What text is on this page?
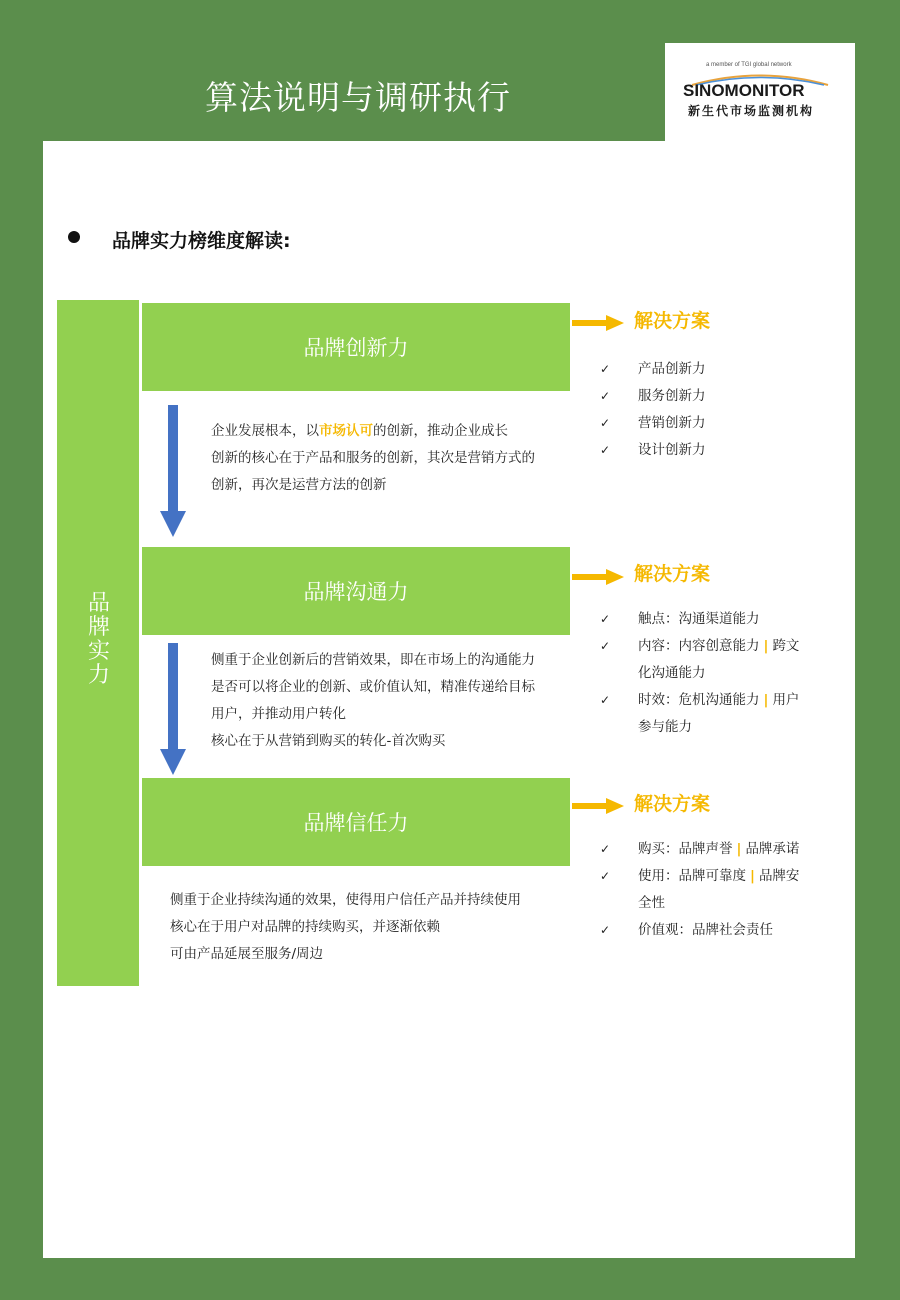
算法说明与调研执行
a member of TGI global network
SINOMONITOR
新生代市场监测机构
品牌实力榜维度解读:
品牌实力
品牌创新力
企业发展根本，以市场认可的创新，推动企业成长
创新的核心在于产品和服务的创新，其次是营销方式的
创新，再次是运营方法的创新
解决方案
✓ 产品创新力
✓ 服务创新力
✓ 营销创新力
✓ 设计创新力
品牌沟通力
侧重于企业创新后的营销效果，即在市场上的沟通能力
是否可以将企业的创新、或价值认知，精准传递给目标
用户，并推动用户转化
核心在于从营销到购买的转化-首次购买
解决方案
✓ 触点：沟通渠道能力
✓ 内容：内容创意能力 | 跨文
化沟通能力
✓ 时效：危机沟通能力 | 用户
参与能力
品牌信任力
侧重于企业持续沟通的效果，使得用户信任产品并持续使用
核心在于用户对品牌的持续购买，并逐渐依赖
可由产品延展至服务/周边
解决方案
✓ 购买：品牌声誉 | 品牌承诺
✓ 使用：品牌可靠度 | 品牌安
全性
✓ 价值观：品牌社会责任
